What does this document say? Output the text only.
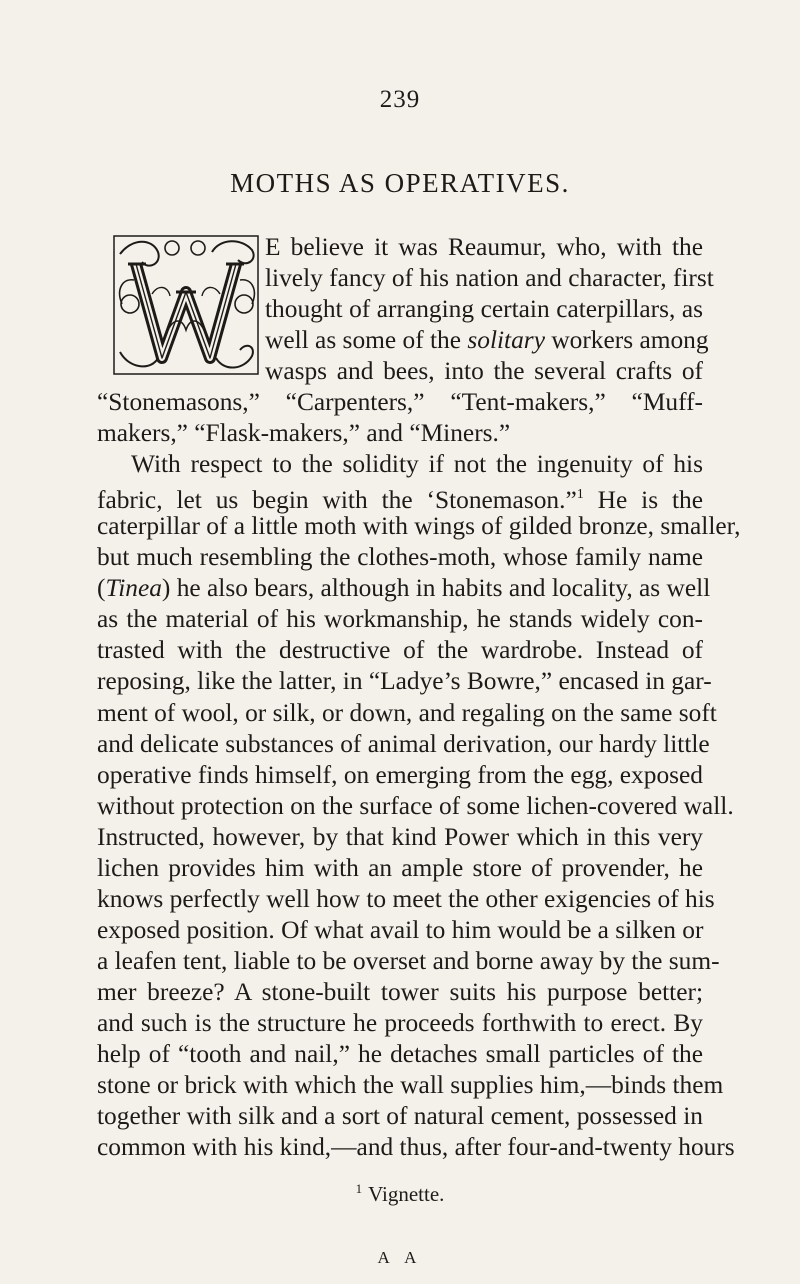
239
MOTHS AS OPERATIVES.
E believe it was Reaumur, who, with the
lively fancy of his nation and character, first
thought of arranging certain caterpillars, as
well as some of the solitary workers among
wasps and bees, into the several crafts of
“Stonemasons,” “Carpenters,” “Tent-makers,” “Muff-
makers,” “Flask-makers,” and “Miners.”
With respect to the solidity if not the ingenuity of his
fabric, let us begin with the ‘Stonemason.”$^1$ He is the
caterpillar of a little moth with wings of gilded bronze, smaller,
but much resembling the clothes-moth, whose family name
(Tinea) he also bears, although in habits and locality, as well
as the material of his workmanship, he stands widely con-
trasted with the destructive of the wardrobe. Instead of
reposing, like the latter, in “Ladye’s Bowre,” encased in gar-
ment of wool, or silk, or down, and regaling on the same soft
and delicate substances of animal derivation, our hardy little
operative finds himself, on emerging from the egg, exposed
without protection on the surface of some lichen-covered wall.
Instructed, however, by that kind Power which in this very
lichen provides him with an ample store of provender, he
knows perfectly well how to meet the other exigencies of his
exposed position. Of what avail to him would be a silken or
a leafen tent, liable to be overset and borne away by the sum-
mer breeze? A stone-built tower suits his purpose better;
and such is the structure he proceeds forthwith to erect. By
help of “tooth and nail,” he detaches small particles of the
stone or brick with which the wall supplies him,—binds them
together with silk and a sort of natural cement, possessed in
common with his kind,—and thus, after four-and-twenty hours
A A
$^1$ Vignette.
